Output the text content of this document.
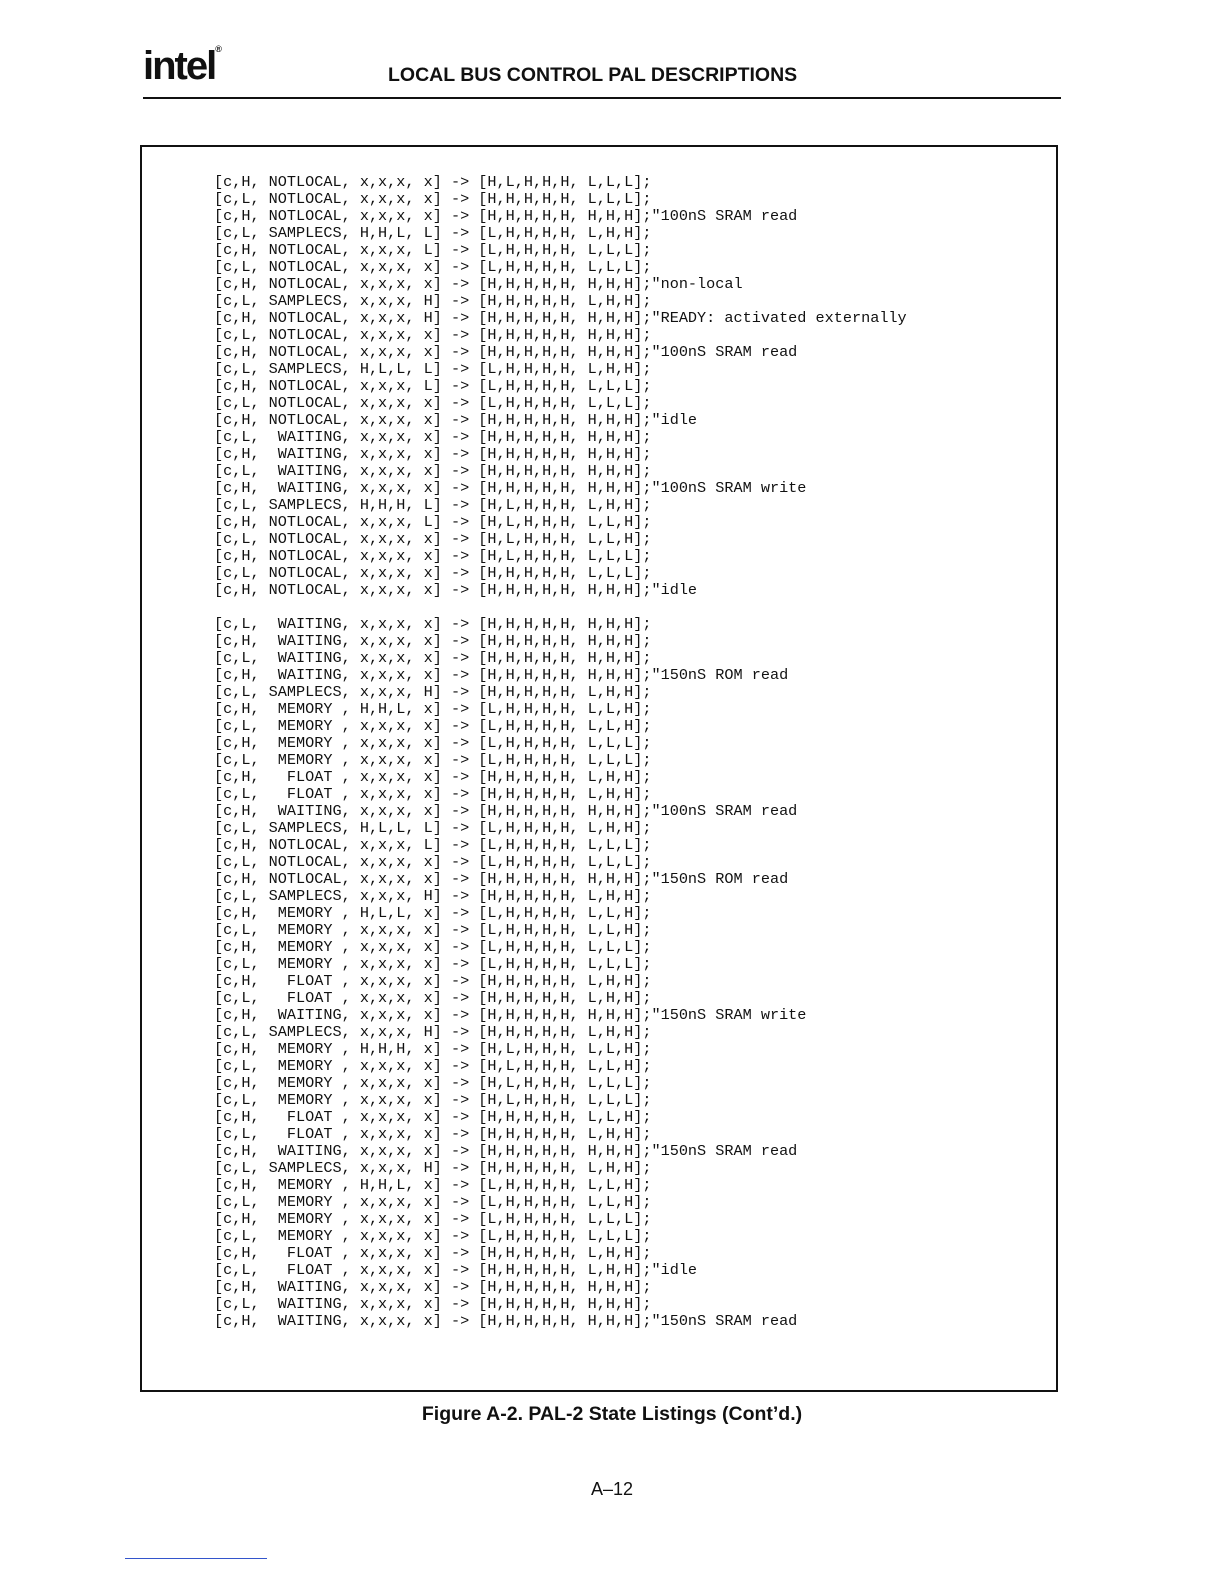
intel®
LOCAL BUS CONTROL PAL DESCRIPTIONS
[c,H, NOTLOCAL, x,x,x, x] -> [H,L,H,H,H, L,L,L];
[c,L, NOTLOCAL, x,x,x, x] -> [H,H,H,H,H, L,L,L];
[c,H, NOTLOCAL, x,x,x, x] -> [H,H,H,H,H, H,H,H];"100nS SRAM read
[c,L, SAMPLECS, H,H,L, L] -> [L,H,H,H,H, L,H,H];
[c,H, NOTLOCAL, x,x,x, L] -> [L,H,H,H,H, L,L,L];
[c,L, NOTLOCAL, x,x,x, x] -> [L,H,H,H,H, L,L,L];
[c,H, NOTLOCAL, x,x,x, x] -> [H,H,H,H,H, H,H,H];"non-local
[c,L, SAMPLECS, x,x,x, H] -> [H,H,H,H,H, L,H,H];
[c,H, NOTLOCAL, x,x,x, H] -> [H,H,H,H,H, H,H,H];"READY: activated externally
[c,L, NOTLOCAL, x,x,x, x] -> [H,H,H,H,H, H,H,H];
[c,H, NOTLOCAL, x,x,x, x] -> [H,H,H,H,H, H,H,H];"100nS SRAM read
[c,L, SAMPLECS, H,L,L, L] -> [L,H,H,H,H, L,H,H];
[c,H, NOTLOCAL, x,x,x, L] -> [L,H,H,H,H, L,L,L];
[c,L, NOTLOCAL, x,x,x, x] -> [L,H,H,H,H, L,L,L];
[c,H, NOTLOCAL, x,x,x, x] -> [H,H,H,H,H, H,H,H];"idle
[c,L,  WAITING, x,x,x, x] -> [H,H,H,H,H, H,H,H];
[c,H,  WAITING, x,x,x, x] -> [H,H,H,H,H, H,H,H];
[c,L,  WAITING, x,x,x, x] -> [H,H,H,H,H, H,H,H];
[c,H,  WAITING, x,x,x, x] -> [H,H,H,H,H, H,H,H];"100nS SRAM write
[c,L, SAMPLECS, H,H,H, L] -> [H,L,H,H,H, L,H,H];
[c,H, NOTLOCAL, x,x,x, L] -> [H,L,H,H,H, L,L,H];
[c,L, NOTLOCAL, x,x,x, x] -> [H,L,H,H,H, L,L,H];
[c,H, NOTLOCAL, x,x,x, x] -> [H,L,H,H,H, L,L,L];
[c,L, NOTLOCAL, x,x,x, x] -> [H,H,H,H,H, L,L,L];
[c,H, NOTLOCAL, x,x,x, x] -> [H,H,H,H,H, H,H,H];"idle
[c,L,  WAITING, x,x,x, x] -> [H,H,H,H,H, H,H,H];
[c,H,  WAITING, x,x,x, x] -> [H,H,H,H,H, H,H,H];
[c,L,  WAITING, x,x,x, x] -> [H,H,H,H,H, H,H,H];
[c,H,  WAITING, x,x,x, x] -> [H,H,H,H,H, H,H,H];"150nS ROM read
[c,L, SAMPLECS, x,x,x, H] -> [H,H,H,H,H, L,H,H];
[c,H,  MEMORY , H,H,L, x] -> [L,H,H,H,H, L,L,H];
[c,L,  MEMORY , x,x,x, x] -> [L,H,H,H,H, L,L,H];
[c,H,  MEMORY , x,x,x, x] -> [L,H,H,H,H, L,L,L];
[c,L,  MEMORY , x,x,x, x] -> [L,H,H,H,H, L,L,L];
[c,H,   FLOAT , x,x,x, x] -> [H,H,H,H,H, L,H,H];
[c,L,   FLOAT , x,x,x, x] -> [H,H,H,H,H, L,H,H];
[c,H,  WAITING, x,x,x, x] -> [H,H,H,H,H, H,H,H];"100nS SRAM read
[c,L, SAMPLECS, H,L,L, L] -> [L,H,H,H,H, L,H,H];
[c,H, NOTLOCAL, x,x,x, L] -> [L,H,H,H,H, L,L,L];
[c,L, NOTLOCAL, x,x,x, x] -> [L,H,H,H,H, L,L,L];
[c,H, NOTLOCAL, x,x,x, x] -> [H,H,H,H,H, H,H,H];"150nS ROM read
[c,L, SAMPLECS, x,x,x, H] -> [H,H,H,H,H, L,H,H];
[c,H,  MEMORY , H,L,L, x] -> [L,H,H,H,H, L,L,H];
[c,L,  MEMORY , x,x,x, x] -> [L,H,H,H,H, L,L,H];
[c,H,  MEMORY , x,x,x, x] -> [L,H,H,H,H, L,L,L];
[c,L,  MEMORY , x,x,x, x] -> [L,H,H,H,H, L,L,L];
[c,H,   FLOAT , x,x,x, x] -> [H,H,H,H,H, L,H,H];
[c,L,   FLOAT , x,x,x, x] -> [H,H,H,H,H, L,H,H];
[c,H,  WAITING, x,x,x, x] -> [H,H,H,H,H, H,H,H];"150nS SRAM write
[c,L, SAMPLECS, x,x,x, H] -> [H,H,H,H,H, L,H,H];
[c,H,  MEMORY , H,H,H, x] -> [H,L,H,H,H, L,L,H];
[c,L,  MEMORY , x,x,x, x] -> [H,L,H,H,H, L,L,H];
[c,H,  MEMORY , x,x,x, x] -> [H,L,H,H,H, L,L,L];
[c,L,  MEMORY , x,x,x, x] -> [H,L,H,H,H, L,L,L];
[c,H,   FLOAT , x,x,x, x] -> [H,H,H,H,H, L,L,H];
[c,L,   FLOAT , x,x,x, x] -> [H,H,H,H,H, L,H,H];
[c,H,  WAITING, x,x,x, x] -> [H,H,H,H,H, H,H,H];"150nS SRAM read
[c,L, SAMPLECS, x,x,x, H] -> [H,H,H,H,H, L,H,H];
[c,H,  MEMORY , H,H,L, x] -> [L,H,H,H,H, L,L,H];
[c,L,  MEMORY , x,x,x, x] -> [L,H,H,H,H, L,L,H];
[c,H,  MEMORY , x,x,x, x] -> [L,H,H,H,H, L,L,L];
[c,L,  MEMORY , x,x,x, x] -> [L,H,H,H,H, L,L,L];
[c,H,   FLOAT , x,x,x, x] -> [H,H,H,H,H, L,H,H];
[c,L,   FLOAT , x,x,x, x] -> [H,H,H,H,H, L,H,H];"idle
[c,H,  WAITING, x,x,x, x] -> [H,H,H,H,H, H,H,H];
[c,L,  WAITING, x,x,x, x] -> [H,H,H,H,H, H,H,H];
[c,H,  WAITING, x,x,x, x] -> [H,H,H,H,H, H,H,H];"150nS SRAM read
Figure A-2. PAL-2 State Listings (Cont’d.)
A–12
